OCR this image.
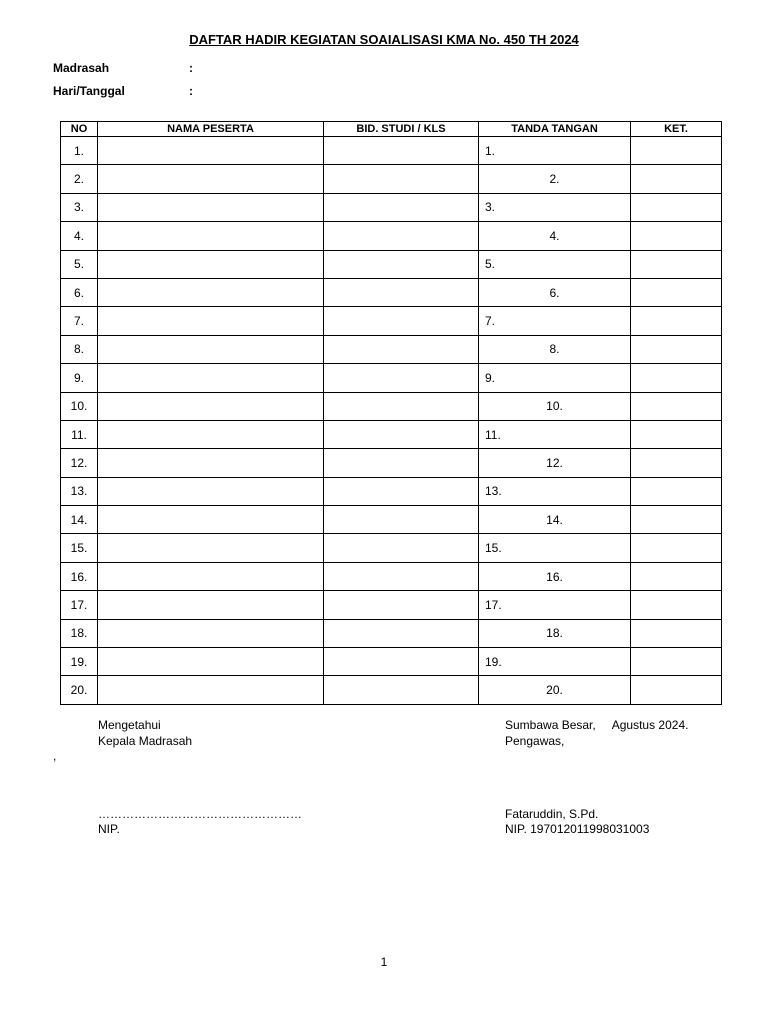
DAFTAR HADIR KEGIATAN SOAIALISASI KMA No. 450 TH 2024
Madrasah	:
Hari/Tanggal	:
NO	NAMA PESERTA	BID. STUDI / KLS	TANDA TANGAN	KET.
1.			1.	
2.			2.	
3.			3.	
4.			4.	
5.			5.	
6.			6.	
7.			7.	
8.			8.	
9.			9.	
10.			10.	
11.			11.	
12.			12.	
13.			13.	
14.			14.	
15.			15.	
16.			16.	
17.			17.	
18.			18.	
19.			19.	
20.			20.	
Mengetahui
Kepala Madrasah
,
……………………………………………
NIP.
Sumbawa Besar,     Agustus 2024.
Pengawas,
Fataruddin, S.Pd.
NIP. 197012011998031003
1
